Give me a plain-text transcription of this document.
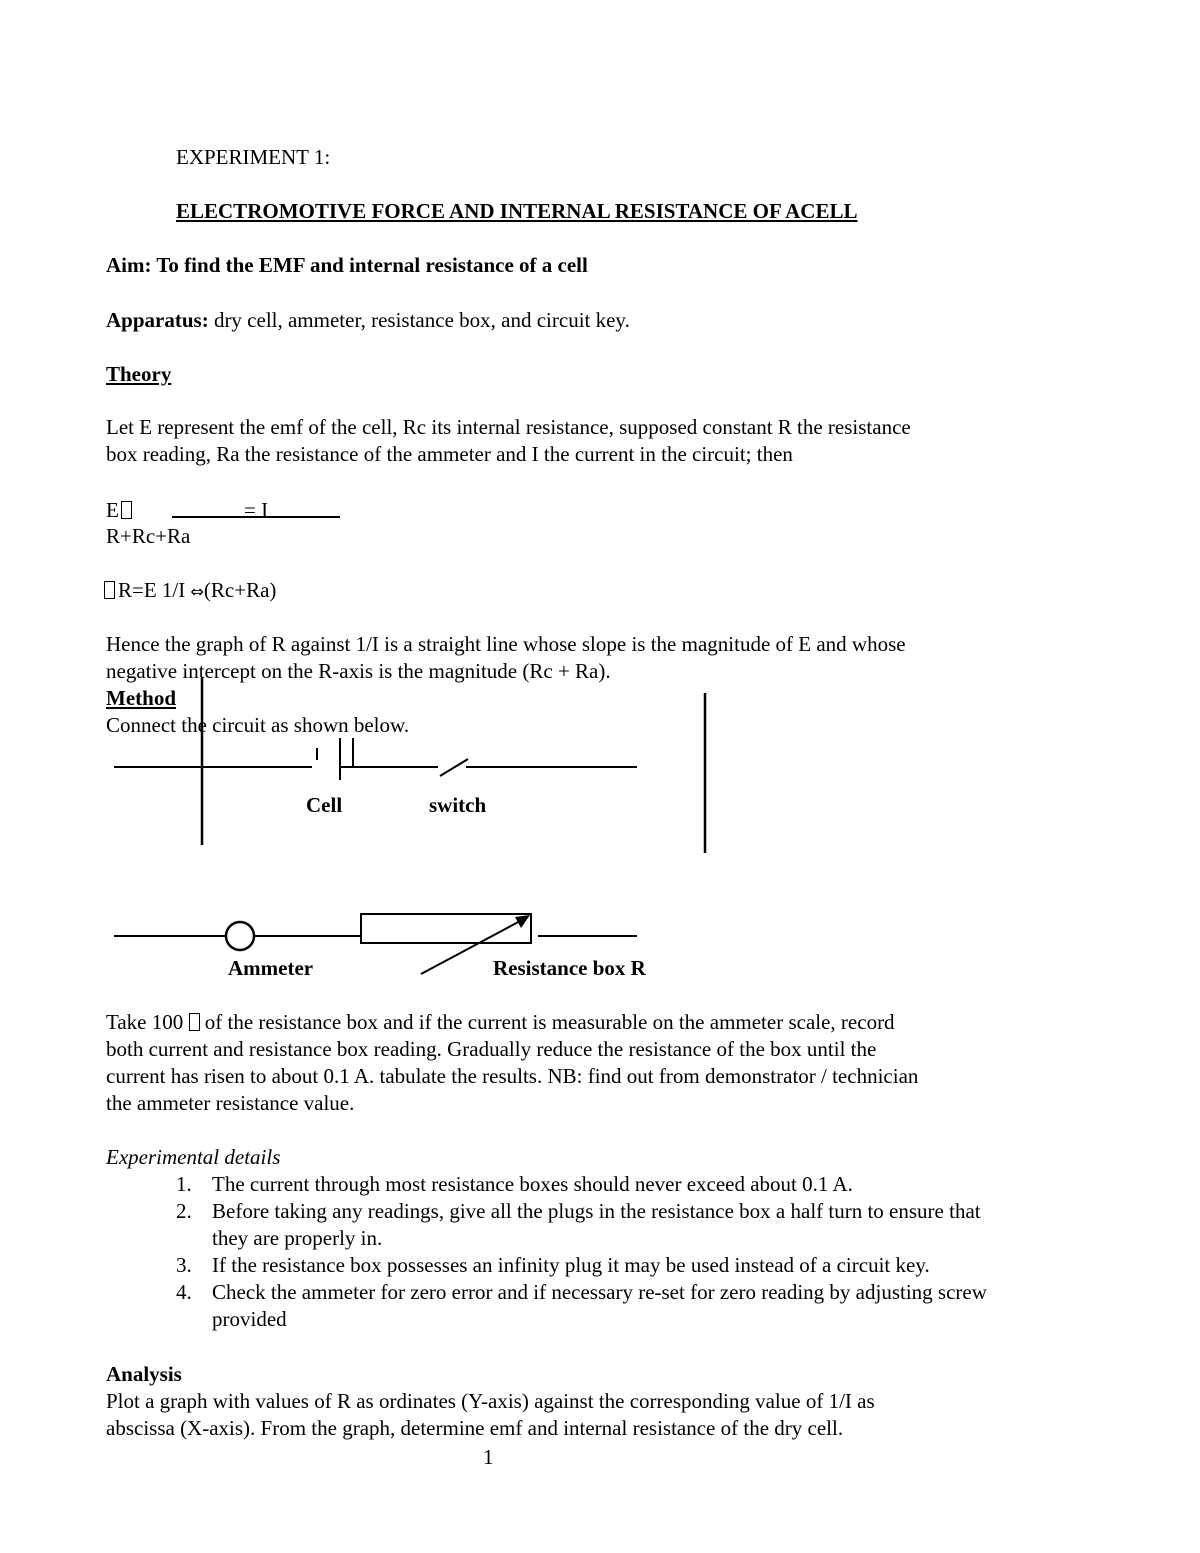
EXPERIMENT 1:
ELECTROMOTIVE FORCE AND INTERNAL RESISTANCE OF ACELL
Aim: To find the EMF and internal resistance of a cell
Apparatus: dry cell, ammeter, resistance box, and circuit key.
Theory
Let E represent the emf of the cell, Rc its internal resistance, supposed constant R the resistance
box reading, Ra the resistance of the ammeter and I the current in the circuit; then
E	= I
R+Rc+Ra
R=E 1/I ⇔(Rc+Ra)
Hence the graph of R against 1/I is a straight line whose slope is the magnitude of E and whose
negative intercept on the R-axis is the magnitude (Rc + Ra).
Method
Connect the circuit as shown below.
Cell	switch
Ammeter	Resistance box R
Take 100 of the resistance box and if the current is measurable on the ammeter scale, record
both current and resistance box reading. Gradually reduce the resistance of the box until the
current has risen to about 0.1 A. tabulate the results. NB: find out from demonstrator / technician
the ammeter resistance value.
Experimental details
1. The current through most resistance boxes should never exceed about 0.1 A.
2. Before taking any readings, give all the plugs in the resistance box a half turn to ensure that they are properly in.
3. If the resistance box possesses an infinity plug it may be used instead of a circuit key.
4. Check the ammeter for zero error and if necessary re-set for zero reading by adjusting screw provided
Analysis
Plot a graph with values of R as ordinates (Y-axis) against the corresponding value of 1/I as
abscissa (X-axis). From the graph, determine emf and internal resistance of the dry cell.
1
